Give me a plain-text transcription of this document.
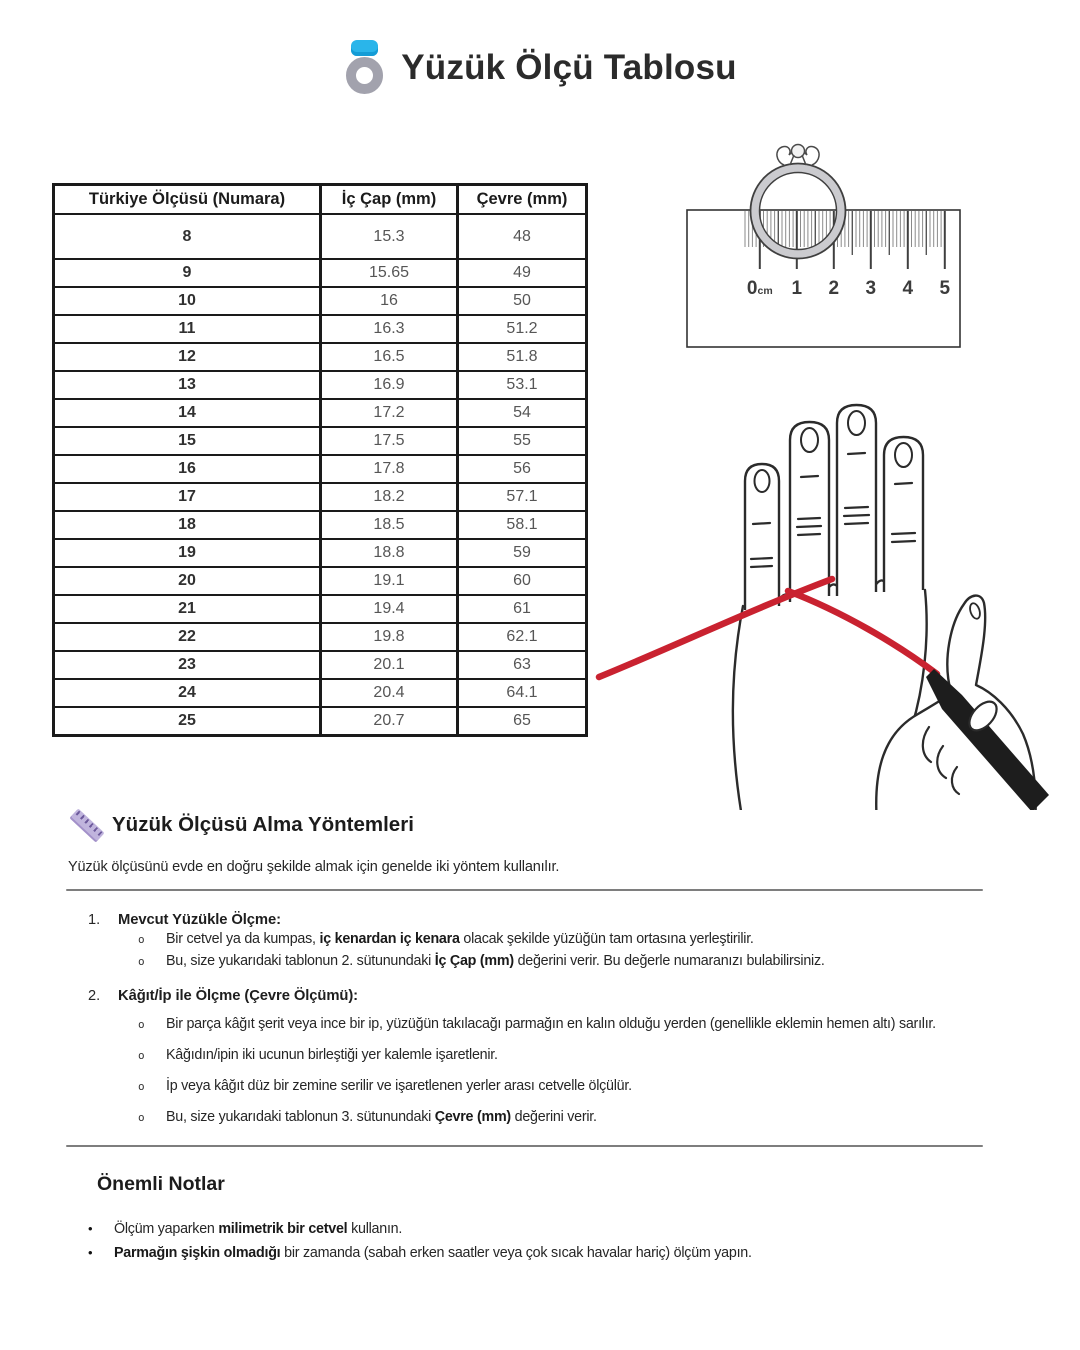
Yüzük Ölçü Tablosu
Türkiye Ölçüsü (Numara)	İç Çap (mm)	Çevre (mm)
8	15.3	48
9	15.65	49
10	16	50
11	16.3	51.2
12	16.5	51.8
13	16.9	53.1
14	17.2	54
15	17.5	55
16	17.8	56
17	18.2	57.1
18	18.5	58.1
19	18.8	59
20	19.1	60
21	19.4	61
22	19.8	62.1
23	20.1	63
24	20.4	64.1
25	20.7	65
0cm 1 2 3 4 5
Yüzük Ölçüsü Alma Yöntemleri

Yüzük ölçüsünü evde en doğru şekilde almak için genelde iki yöntem kullanılır.

1.	Mevcut Yüzükle Ölçme:
o	Bir cetvel ya da kumpas, iç kenardan iç kenara olacak şekilde yüzüğün tam ortasına yerleştirilir.
o	Bu, size yukarıdaki tablonun 2. sütunundaki İç Çap (mm) değerini verir. Bu değerle numaranızı bulabilirsiniz.
2.	Kâğıt/İp ile Ölçme (Çevre Ölçümü):
o	Bir parça kâğıt şerit veya ince bir ip, yüzüğün takılacağı parmağın en kalın olduğu yerden (genellikle eklemin hemen altı) sarılır.
o	Kâğıdın/ipin iki ucunun birleştiği yer kalemle işaretlenir.
o	İp veya kâğıt düz bir zemine serilir ve işaretlenen yerler arası cetvelle ölçülür.
o	Bu, size yukarıdaki tablonun 3. sütunundaki Çevre (mm) değerini verir.
Önemli Notlar
•	Ölçüm yaparken milimetrik bir cetvel kullanın.
•	Parmağın şişkin olmadığı bir zamanda (sabah erken saatler veya çok sıcak havalar hariç) ölçüm yapın.
